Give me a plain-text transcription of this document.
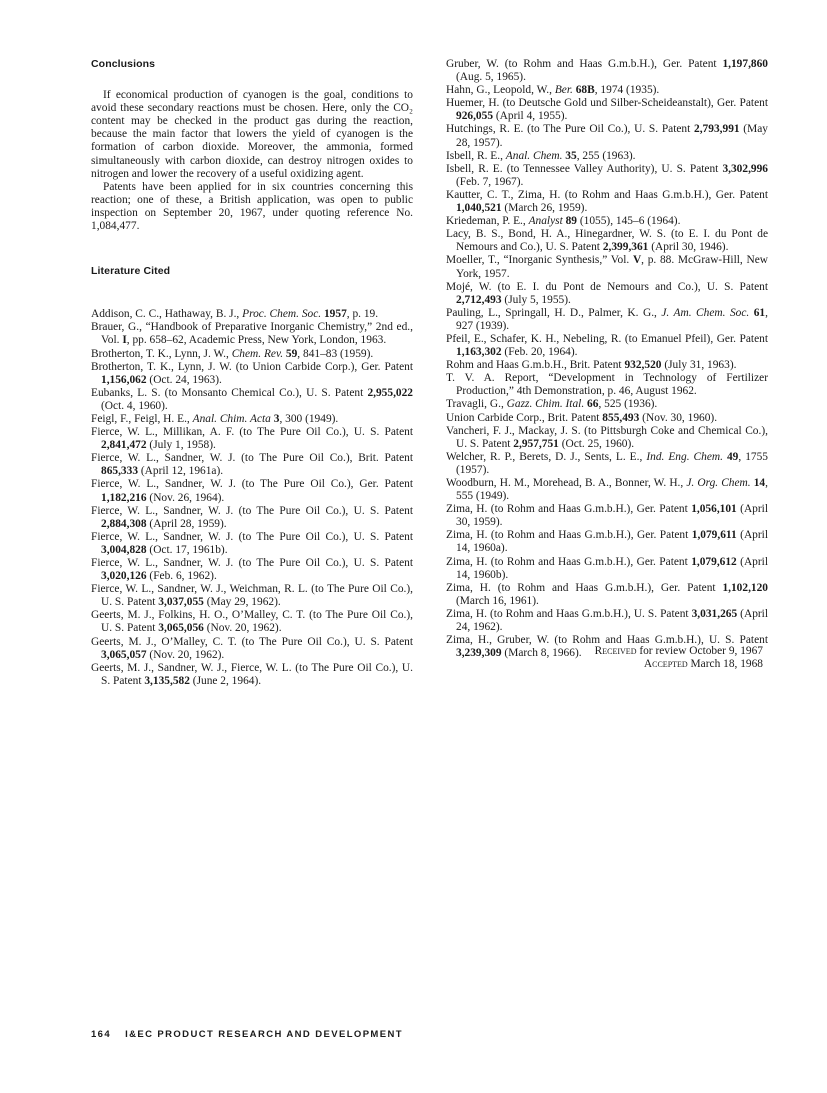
Conclusions

If economical production of cyanogen is the goal, conditions to avoid these secondary reactions must be chosen. Here, only the CO₂ content may be checked in the product gas during the reaction, because the main factor that lowers the yield of cyanogen is the formation of carbon dioxide. Moreover, the ammonia, formed simultaneously with carbon dioxide, can destroy nitrogen oxides to nitrogen and lower the recovery of a useful oxidizing agent.

Patents have been applied for in six countries concerning this reaction; one of these, a British application, was open to public inspection on September 20, 1967, under quoting reference No. 1,084,477.

Literature Cited

Addison, C. C., Hathaway, B. J., Proc. Chem. Soc. 1957, p. 19.

Brauer, G., “Handbook of Preparative Inorganic Chemistry,” 2nd ed., Vol. I, pp. 658–62, Academic Press, New York, London, 1963.

Brotherton, T. K., Lynn, J. W., Chem. Rev. 59, 841–83 (1959).

Brotherton, T. K., Lynn, J. W. (to Union Carbide Corp.), Ger. Patent 1,156,062 (Oct. 24, 1963).

Eubanks, L. S. (to Monsanto Chemical Co.), U. S. Patent 2,955,022 (Oct. 4, 1960).

Feigl, F., Feigl, H. E., Anal. Chim. Acta 3, 300 (1949).

Fierce, W. L., Millikan, A. F. (to The Pure Oil Co.), U. S. Patent 2,841,472 (July 1, 1958).

Fierce, W. L., Sandner, W. J. (to The Pure Oil Co.), Brit. Patent 865,333 (April 12, 1961a).

Fierce, W. L., Sandner, W. J. (to The Pure Oil Co.), Ger. Patent 1,182,216 (Nov. 26, 1964).

Fierce, W. L., Sandner, W. J. (to The Pure Oil Co.), U. S. Patent 2,884,308 (April 28, 1959).

Fierce, W. L., Sandner, W. J. (to The Pure Oil Co.), U. S. Patent 3,004,828 (Oct. 17, 1961b).

Fierce, W. L., Sandner, W. J. (to The Pure Oil Co.), U. S. Patent 3,020,126 (Feb. 6, 1962).

Fierce, W. L., Sandner, W. J., Weichman, R. L. (to The Pure Oil Co.), U. S. Patent 3,037,055 (May 29, 1962).

Geerts, M. J., Folkins, H. O., O’Malley, C. T. (to The Pure Oil Co.), U. S. Patent 3,065,056 (Nov. 20, 1962).

Geerts, M. J., O’Malley, C. T. (to The Pure Oil Co.), U. S. Patent 3,065,057 (Nov. 20, 1962).

Geerts, M. J., Sandner, W. J., Fierce, W. L. (to The Pure Oil Co.), U. S. Patent 3,135,582 (June 2, 1964).

Gruber, W. (to Rohm and Haas G.m.b.H.), Ger. Patent 1,197,860 (Aug. 5, 1965).

Hahn, G., Leopold, W., Ber. 68B, 1974 (1935).

Huemer, H. (to Deutsche Gold und Silber-Scheideanstalt), Ger. Patent 926,055 (April 4, 1955).

Hutchings, R. E. (to The Pure Oil Co.), U. S. Patent 2,793,991 (May 28, 1957).

Isbell, R. E., Anal. Chem. 35, 255 (1963).

Isbell, R. E. (to Tennessee Valley Authority), U. S. Patent 3,302,996 (Feb. 7, 1967).

Kautter, C. T., Zima, H. (to Rohm and Haas G.m.b.H.), Ger. Patent 1,040,521 (March 26, 1959).

Kriedeman, P. E., Analyst 89 (1055), 145–6 (1964).

Lacy, B. S., Bond, H. A., Hinegardner, W. S. (to E. I. du Pont de Nemours and Co.), U. S. Patent 2,399,361 (April 30, 1946).

Moeller, T., “Inorganic Synthesis,” Vol. V, p. 88. McGraw-Hill, New York, 1957.

Mojé, W. (to E. I. du Pont de Nemours and Co.), U. S. Patent 2,712,493 (July 5, 1955).

Pauling, L., Springall, H. D., Palmer, K. G., J. Am. Chem. Soc. 61, 927 (1939).

Pfeil, E., Schafer, K. H., Nebeling, R. (to Emanuel Pfeil), Ger. Patent 1,163,302 (Feb. 20, 1964).

Rohm and Haas G.m.b.H., Brit. Patent 932,520 (July 31, 1963).

T. V. A. Report, “Development in Technology of Fertilizer Production,” 4th Demonstration, p. 46, August 1962.

Travagli, G., Gazz. Chim. Ital. 66, 525 (1936).

Union Carbide Corp., Brit. Patent 855,493 (Nov. 30, 1960).

Vancheri, F. J., Mackay, J. S. (to Pittsburgh Coke and Chemical Co.), U. S. Patent 2,957,751 (Oct. 25, 1960).

Welcher, R. P., Berets, D. J., Sents, L. E., Ind. Eng. Chem. 49, 1755 (1957).

Woodburn, H. M., Morehead, B. A., Bonner, W. H., J. Org. Chem. 14, 555 (1949).

Zima, H. (to Rohm and Haas G.m.b.H.), Ger. Patent 1,056,101 (April 30, 1959).

Zima, H. (to Rohm and Haas G.m.b.H.), Ger. Patent 1,079,611 (April 14, 1960a).

Zima, H. (to Rohm and Haas G.m.b.H.), Ger. Patent 1,079,612 (April 14, 1960b).

Zima, H. (to Rohm and Haas G.m.b.H.), Ger. Patent 1,102,120 (March 16, 1961).

Zima, H. (to Rohm and Haas G.m.b.H.), U. S. Patent 3,031,265 (April 24, 1962).

Zima, H., Gruber, W. (to Rohm and Haas G.m.b.H.), U. S. Patent 3,239,309 (March 8, 1966).	Received for review October 9, 1967
Accepted March 18, 1968
164 I&EC PRODUCT RESEARCH AND DEVELOPMENT
